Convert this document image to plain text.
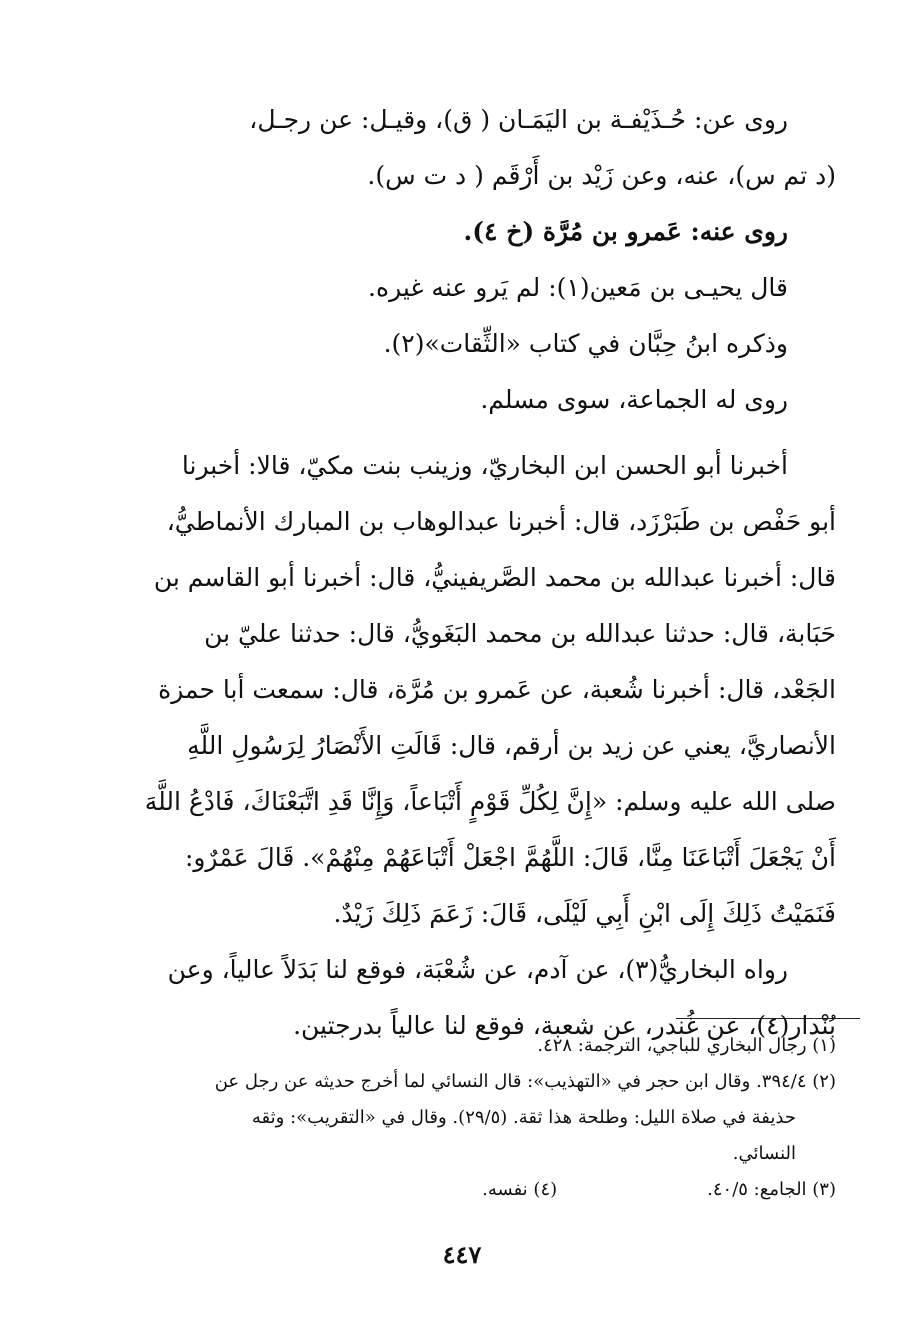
روى عن: حُـذَيْفـة بن اليَمَـان ( ق)، وقيـل: عن رجـل،
(د تم س)، عنه، وعن زَيْد بن أَرْقَم ( د ت س).
روى عنه: عَمرو بن مُرَّة (خ ٤).
قال يحيـى بن مَعين(١): لم يَرو عنه غيره.
وذكره ابنُ حِبَّان في كتاب «الثِّقات»(٢).
روى له الجماعة، سوى مسلم.
أخبرنا أبو الحسن ابن البخاريّ، وزينب بنت مكيّ، قالا: أخبرنا
أبو حَفْص بن طَبَرْزَد، قال: أخبرنا عبدالوهاب بن المبارك الأنماطيُّ،
قال: أخبرنا عبدالله بن محمد الصَّريفينيُّ، قال: أخبرنا أبو القاسم بن
حَبَابة، قال: حدثنا عبدالله بن محمد البَغَويُّ، قال: حدثنا عليّ بن
الجَعْد، قال: أخبرنا شُعبة، عن عَمرو بن مُرَّة، قال: سمعت أبا حمزة
الأنصاريَّ، يعني عن زيد بن أرقم، قال: قَالَتِ الأَنْصَارُ لِرَسُولِ اللَّهِ
صلى الله عليه وسلم: «إِنَّ لِكُلِّ قَوْمٍ أَتْبَاعاً، وَإِنَّا قَدِ اتَّبَعْنَاكَ، فَادْعُ اللَّهَ
أَنْ يَجْعَلَ أَتْبَاعَنَا مِنَّا، قَالَ: اللَّهُمَّ اجْعَلْ أَتْبَاعَهُمْ مِنْهُمْ». قَالَ عَمْرٌو:
فَنَمَيْتُ ذَلِكَ إِلَى ابْنِ أَبِي لَيْلَى، قَالَ: زَعَمَ ذَلِكَ زَيْدٌ.
رواه البخاريُّ(٣)، عن آدم، عن شُعْبَة، فوقع لنا بَدَلاً عالياً، وعن
بُنْدار(٤)، عن غُندر، عن شعبة، فوقع لنا عالياً بدرجتين.
(١) رجال البخاري للباجي، الترجمة: ٤٢٨.
(٢) ٣٩٤/٤. وقال ابن حجر في «التهذيب»: قال النسائي لما أخرج حديثه عن رجل عن
حذيفة في صلاة الليل: وطلحة هذا ثقة. (٢٩/٥). وقال في «التقريب»: وثقه
النسائي.
(٣) الجامع: ٤٠/٥.
(٤) نفسه.
٤٤٧
